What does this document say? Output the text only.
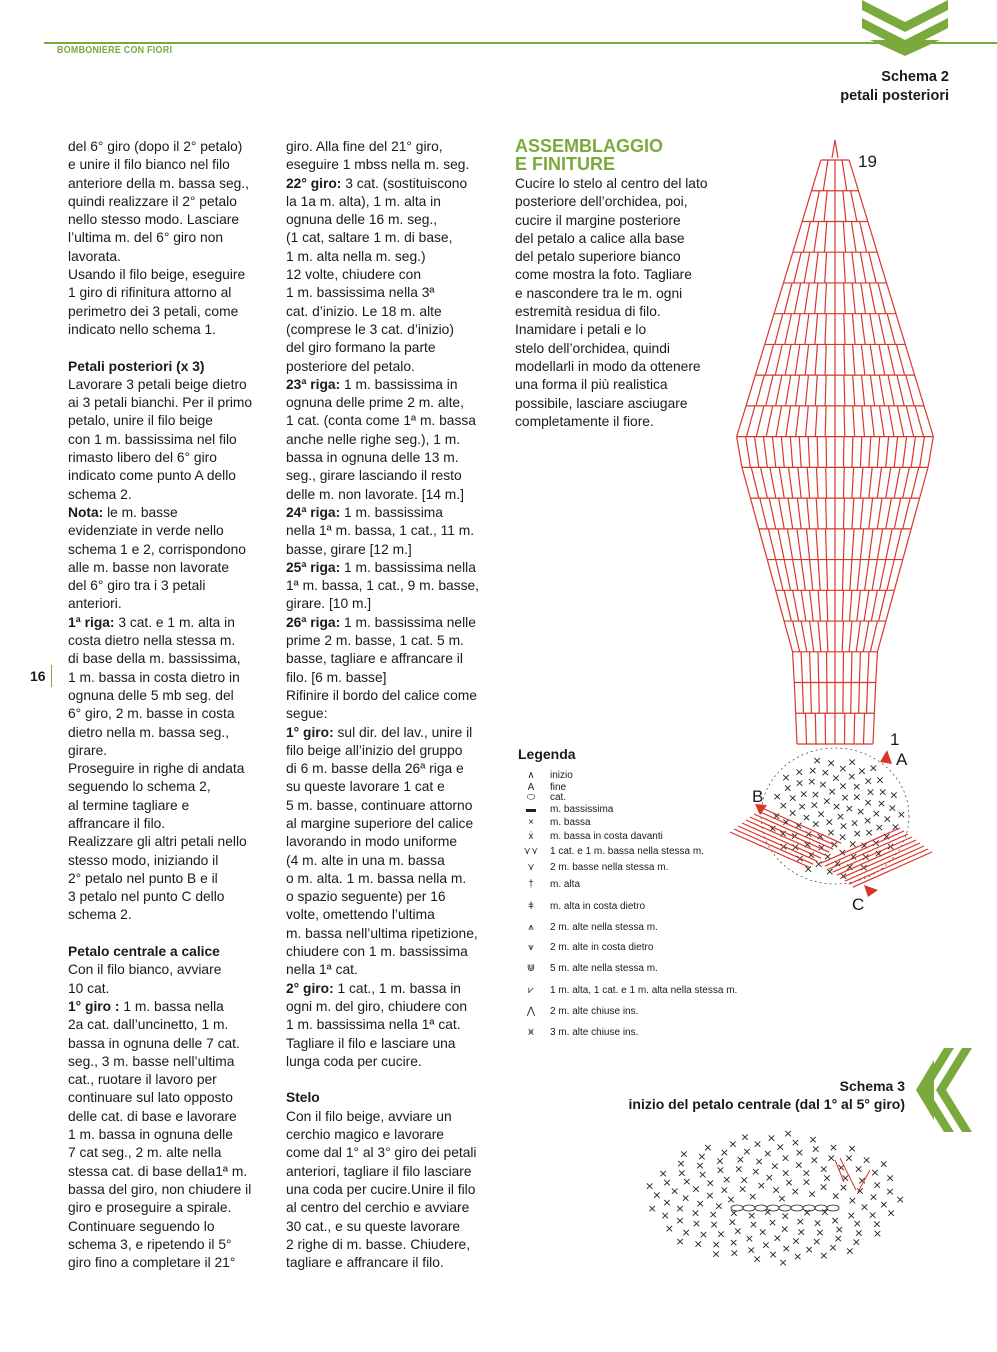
BOMBONIERE CON FIORI
Schema 2
petali posteriori

del 6° giro (dopo il 2° petalo)

e unire il filo bianco nel filo

anteriore della m. bassa seg.,

quindi realizzare il 2° petalo

nello stesso modo. Lasciare

l’ultima m. del 6° giro non

lavorata.

Usando il filo beige, eseguire

1 giro di rifinitura attorno al

perimetro dei 3 petali, come

indicato nello schema 1.

Petali posteriori (x 3)

Lavorare 3 petali beige dietro

ai 3 petali bianchi. Per il primo

petalo, unire il filo beige

con 1 m. bassissima nel filo

rimasto libero del 6° giro

indicato come punto A dello

schema 2.

Nota: le m. basse

evidenziate in verde nello

schema 1 e 2, corrispondono

alle m. basse non lavorate

del 6° giro tra i 3 petali

anteriori.

1ª riga: 3 cat. e 1 m. alta in

costa dietro nella stessa m.

di base della m. bassissima,

1 m. bassa in costa dietro in

ognuna delle 5 mb seg. del

6° giro, 2 m. basse in costa

dietro nella m. bassa seg.,

girare.

Proseguire in righe di andata

seguendo lo schema 2,

al termine tagliare e

affrancare il filo.

Realizzare gli altri petali nello

stesso modo, iniziando il

2° petalo nel punto B e il

3 petalo nel punto C dello

schema 2.

Petalo centrale a calice

Con il filo bianco, avviare

10 cat.

1° giro : 1 m. bassa nella

2a cat. dall’uncinetto, 1 m.

bassa in ognuna delle 7 cat.

seg., 3 m. basse nell’ultima

cat., ruotare il lavoro per

continuare sul lato opposto

delle cat. di base e lavorare

1 m. bassa in ognuna delle

7 cat seg., 2 m. alte nella

stessa cat. di base della1ª m.

bassa del giro, non chiudere il

giro e proseguire a spirale.

Continuare seguendo lo

schema 3, e ripetendo il 5°

giro fino a completare il 21°

giro. Alla fine del 21° giro,

eseguire 1 mbss nella m. seg.

22° giro: 3 cat. (sostituiscono

la 1a m. alta), 1 m. alta in

ognuna delle 16 m. seg.,

(1 cat, saltare 1 m. di base,

1 m. alta nella m. seg.)

12 volte, chiudere con

1 m. bassissima nella 3ª

cat. d’inizio. Le 18 m. alte

(comprese le 3 cat. d’inizio)

del giro formano la parte

posteriore del petalo.

23ª riga: 1 m. bassissima in

ognuna delle prime 2 m. alte,

1 cat. (conta come 1ª m. bassa

anche nelle righe seg.), 1 m.

bassa in ognuna delle 13 m.

seg., girare lasciando il resto

delle m. non lavorate. [14 m.]

24ª riga: 1 m. bassissima

nella 1ª m. bassa, 1 cat., 11 m.

basse, girare [12 m.]

25ª riga: 1 m. bassissima nella

1ª m. bassa, 1 cat., 9 m. basse,

girare. [10 m.]

26ª riga: 1 m. bassissima nelle

prime 2 m. basse, 1 cat. 5 m.

basse, tagliare e affrancare il

filo. [6 m. basse]

Rifinire il bordo del calice come

segue:

1° giro: sul dir. del lav., unire il

filo beige all’inizio del gruppo

di 6 m. basse della 26ª riga e

su queste lavorare 1 cat e

5 m. basse, continuare attorno

al margine superiore del calice

lavorando in modo uniforme

(4 m. alte in una m. bassa

o m. alta. 1 m. bassa nella m.

o spazio seguente) per 16

volte, omettendo l’ultima

m. bassa nell’ultima ripetizione,

chiudere con 1 m. bassissima

nella 1ª cat.

2° giro: 1 cat., 1 m. bassa in

ogni m. del giro, chiudere con

1 m. bassissima nella 1ª cat.

Tagliare il filo e lasciare una

lunga coda per cucire.

Stelo

Con il filo beige, avviare un

cerchio magico e lavorare

come dal 1° al 3° giro dei petali

anteriori, tagliare il filo lasciare

una coda per cucire.Unire il filo

al centro del cerchio e avviare

30 cat., e su queste lavorare

2 righe di m. basse. Chiudere,

tagliare e affrancare il filo.

ASSEMBLAGGIO
E FINITURE

Cucire lo stelo al centro del lato

posteriore dell’orchidea, poi,

cucire il margine posteriore

del petalo a calice alla base

del petalo superiore bianco

come mostra la foto. Tagliare

e nascondere tra le m. ogni

estremità residua di filo.

Inamidare i petali e lo

stelo dell’orchidea, quindi

modellarli in modo da ottenere

una forma il più realistica

possibile, lasciare asciugare

completamente il fiore.

16
×
×
×
×
× ×
×
×
×
×
×
×
×	×
×
×
×
×
×
×
×
×
×
×
×
×	×
×
×
×
×
×
×
×
×
×
×
×
×
×
×
×
×
×
×
×
×	×
×
×
×
×
×
×
×
×
×
×
×
×
×
×
×
×
×
×
×
×
×
×
×
×
×
×
×
×
×
×
×
×
×	×
×
×
×
×
×
×
×
×
19
1
A
B
C
Legenda
∧ inizio
A fine
⬭ cat.
▬ m. bassissima
× m. bassa
ẋ m. bassa in costa davanti
⋎⋎ 1 cat. e 1 m. bassa nella stessa m.
⋎ 2 m. basse nella stessa m.
† m. alta
ǂ m. alta in costa dietro
⩚ 2 m. alte nella stessa m.
⩛ 2 m. alte in costa dietro
⋓ 5 m. alte nella stessa m.
⩗ 1 m. alta, 1 cat. e 1 m. alta nella stessa m.
⋀ 2 m. alte chiuse ins.
⩙ 3 m. alte chiuse ins.
Schema 3
inizio del petalo centrale (dal 1° al 5° giro)
×
×
×	×
×
× ×
×
×	×
×
×
×
×
×
×
×
×
×
×
×	×
×
×
×
×
×
×
×
×
×
×
×
×
×
×
×
×
×
×
×	×
×
×
×
×
×
×
×
×
×
×
×
×
×
×
×
×
×
×
×
×
×
×
×
×
×
×
×
×
×
×
×
×
×	×
×
×
×
×
×
×
×
×
×
×
×
×
×
×
×
×
×
×
×
×
×
×
×
×
×
×
×
×
×
×
×
×
×
×
×
×
×
×
×
×
×
×
×
×
×
×
×
×
×
×
×
×
×
×	×
×
×
×
×
×
×
×
×
×
×
×
×
×
